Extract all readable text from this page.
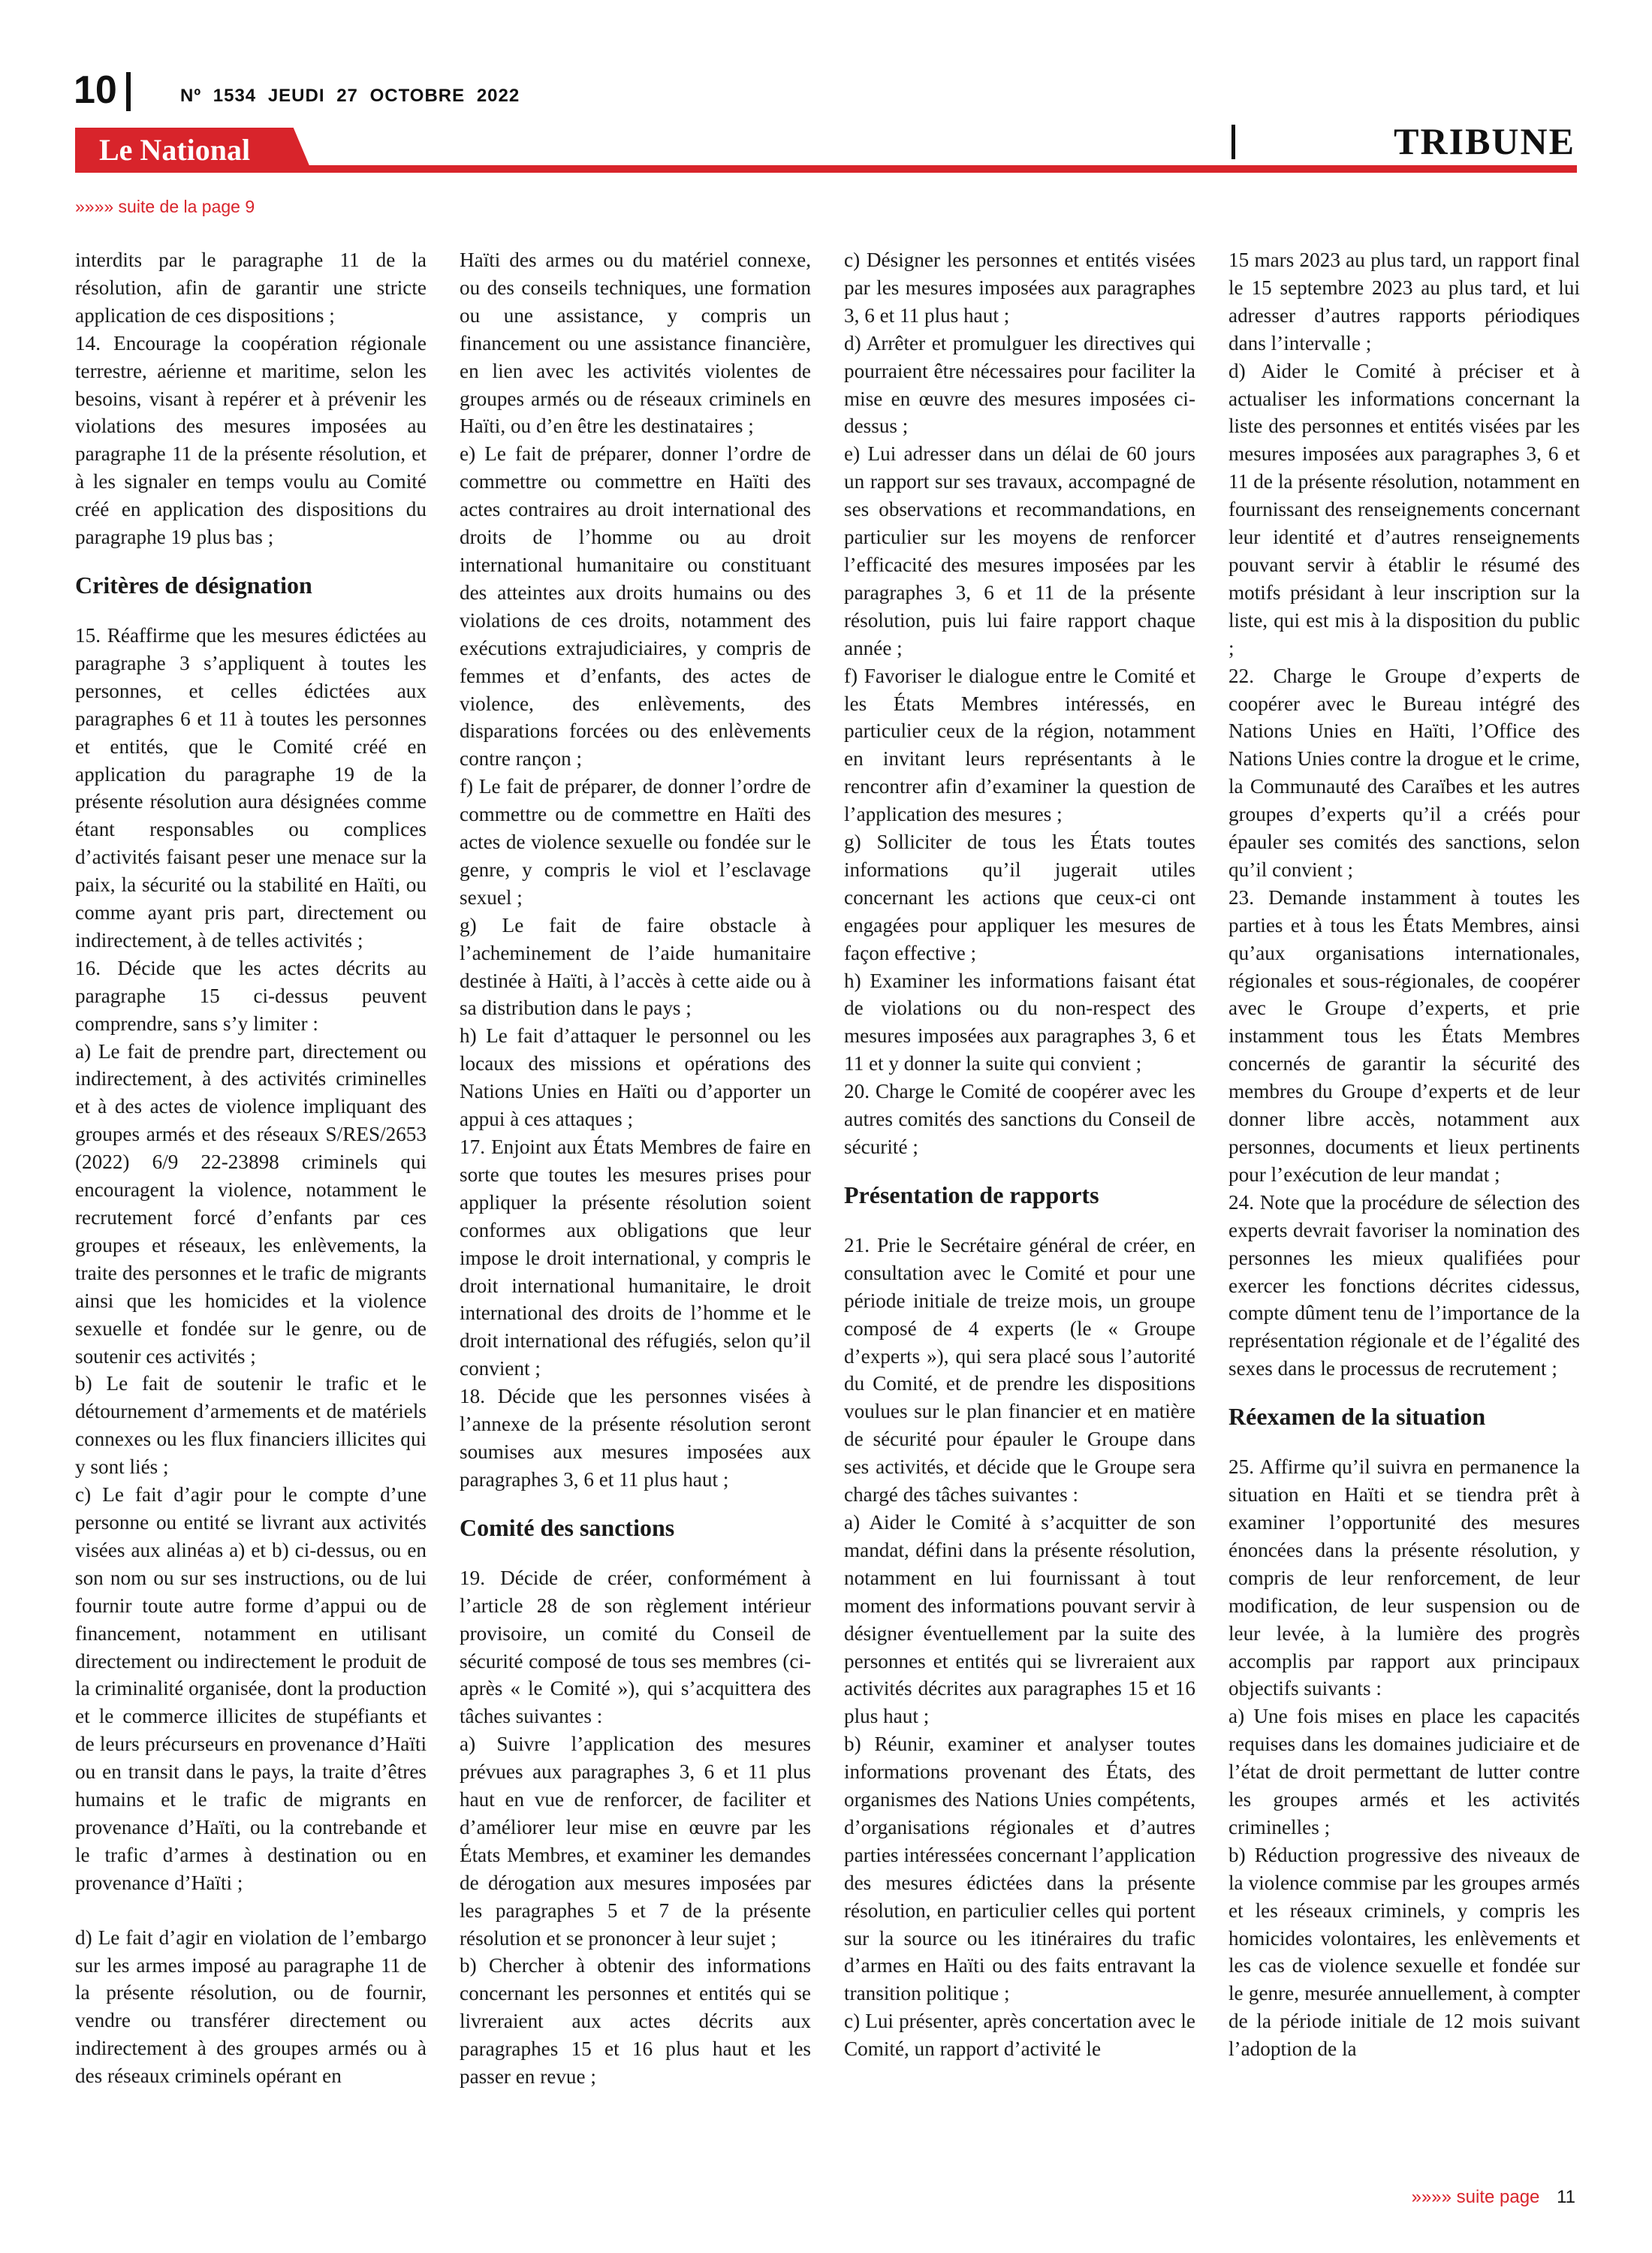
10	Nº 1534 JEUDI 27 OCTOBRE 2022
Le National	TRIBUNE
»»»» suite de la page 9

interdits par le paragraphe 11 de la résolution, afin de garantir une stricte application de ces dispositions ;

14. Encourage la coopération régionale terrestre, aérienne et maritime, selon les besoins, visant à repérer et à prévenir les violations des mesures imposées au paragraphe 11 de la présente résolution, et à les signaler en temps voulu au Comité créé en application des dispositions du paragraphe 19 plus bas ;

Critères de désignation

15. Réaffirme que les mesures édictées au paragraphe 3 s’appliquent à toutes les personnes, et celles édictées aux paragraphes 6 et 11 à toutes les personnes et entités, que le Comité créé en application du paragraphe 19 de la présente résolution aura désignées comme étant responsables ou complices d’activités faisant peser une menace sur la paix, la sécurité ou la stabilité en Haïti, ou comme ayant pris part, directement ou indirectement, à de telles activités ;

16. Décide que les actes décrits au paragraphe 15 ci-dessus peuvent comprendre, sans s’y limiter :

a) Le fait de prendre part, directement ou indirectement, à des activités criminelles et à des actes de violence impliquant des groupes armés et des réseaux S/RES/2653 (2022) 6/9 22-23898 criminels qui encouragent la violence, notamment le recrutement forcé d’enfants par ces groupes et réseaux, les enlèvements, la traite des personnes et le trafic de migrants ainsi que les homicides et la violence sexuelle et fondée sur le genre, ou de soutenir ces activités ;

b) Le fait de soutenir le trafic et le détournement d’armements et de matériels connexes ou les flux financiers illicites qui y sont liés ;

c) Le fait d’agir pour le compte d’une personne ou entité se livrant aux activités visées aux alinéas a) et b) ci-dessus, ou en son nom ou sur ses instructions, ou de lui fournir toute autre forme d’appui ou de financement, notamment en utilisant directement ou indirectement le produit de la criminalité organisée, dont la production et le commerce illicites de stupéfiants et de leurs précurseurs en provenance d’Haïti ou en transit dans le pays, la traite d’êtres humains et le trafic de migrants en provenance d’Haïti, ou la contrebande et le trafic d’armes à destination ou en provenance d’Haïti ;

d) Le fait d’agir en violation de l’embargo sur les armes imposé au paragraphe 11 de la présente résolution, ou de fournir, vendre ou transférer directement ou indirectement à des groupes armés ou à des réseaux criminels opérant en

Haïti des armes ou du matériel connexe, ou des conseils techniques, une formation ou une assistance, y compris un financement ou une assistance financière, en lien avec les activités violentes de groupes armés ou de réseaux criminels en Haïti, ou d’en être les destinataires ;

e) Le fait de préparer, donner l’ordre de commettre ou commettre en Haïti des actes contraires au droit international des droits de l’homme ou au droit international humanitaire ou constituant des atteintes aux droits humains ou des violations de ces droits, notamment des exécutions extrajudiciaires, y compris de femmes et d’enfants, des actes de violence, des enlèvements, des disparations forcées ou des enlèvements contre rançon ;

f) Le fait de préparer, de donner l’ordre de commettre ou de commettre en Haïti des actes de violence sexuelle ou fondée sur le genre, y compris le viol et l’esclavage sexuel ;

g) Le fait de faire obstacle à l’acheminement de l’aide humanitaire destinée à Haïti, à l’accès à cette aide ou à sa distribution dans le pays ;

h) Le fait d’attaquer le personnel ou les locaux des missions et opérations des Nations Unies en Haïti ou d’apporter un appui à ces attaques ;

17. Enjoint aux États Membres de faire en sorte que toutes les mesures prises pour appliquer la présente résolution soient conformes aux obligations que leur impose le droit international, y compris le droit international humanitaire, le droit international des droits de l’homme et le droit international des réfugiés, selon qu’il convient ;

18. Décide que les personnes visées à l’annexe de la présente résolution seront soumises aux mesures imposées aux paragraphes 3, 6 et 11 plus haut ;

Comité des sanctions

19. Décide de créer, conformément à l’article 28 de son règlement intérieur provisoire, un comité du Conseil de sécurité composé de tous ses membres (ci-après « le Comité »), qui s’acquittera des tâches suivantes :

a) Suivre l’application des mesures prévues aux paragraphes 3, 6 et 11 plus haut en vue de renforcer, de faciliter et d’améliorer leur mise en œuvre par les États Membres, et examiner les demandes de dérogation aux mesures imposées par les paragraphes 5 et 7 de la présente résolution et se prononcer à leur sujet ;

b) Chercher à obtenir des informations concernant les personnes et entités qui se livreraient aux actes décrits aux paragraphes 15 et 16 plus haut et les passer en revue ;

c) Désigner les personnes et entités visées par les mesures imposées aux paragraphes 3, 6 et 11 plus haut ;

d) Arrêter et promulguer les directives qui pourraient être nécessaires pour faciliter la mise en œuvre des mesures imposées ci-dessus ;

e) Lui adresser dans un délai de 60 jours un rapport sur ses travaux, accompagné de ses observations et recommandations, en particulier sur les moyens de renforcer l’efficacité des mesures imposées par les paragraphes 3, 6 et 11 de la présente résolution, puis lui faire rapport chaque année ;

f) Favoriser le dialogue entre le Comité et les États Membres intéressés, en particulier ceux de la région, notamment en invitant leurs représentants à le rencontrer afin d’examiner la question de l’application des mesures ;

g) Solliciter de tous les États toutes informations qu’il jugerait utiles concernant les actions que ceux-ci ont engagées pour appliquer les mesures de façon effective ;

h) Examiner les informations faisant état de violations ou du non-respect des mesures imposées aux paragraphes 3, 6 et 11 et y donner la suite qui convient ;

20. Charge le Comité de coopérer avec les autres comités des sanctions du Conseil de sécurité ;

Présentation de rapports

21. Prie le Secrétaire général de créer, en consultation avec le Comité et pour une période initiale de treize mois, un groupe composé de 4 experts (le « Groupe d’experts »), qui sera placé sous l’autorité du Comité, et de prendre les dispositions voulues sur le plan financier et en matière de sécurité pour épauler le Groupe dans ses activités, et décide que le Groupe sera chargé des tâches suivantes :

a) Aider le Comité à s’acquitter de son mandat, défini dans la présente résolution, notamment en lui fournissant à tout moment des informations pouvant servir à désigner éventuellement par la suite des personnes et entités qui se livreraient aux activités décrites aux paragraphes 15 et 16 plus haut ;

b) Réunir, examiner et analyser toutes informations provenant des États, des organismes des Nations Unies compétents, d’organisations régionales et d’autres parties intéressées concernant l’application des mesures édictées dans la présente résolution, en particulier celles qui portent sur la source ou les itinéraires du trafic d’armes en Haïti ou des faits entravant la transition politique ;

c) Lui présenter, après concertation avec le Comité, un rapport d’activité le

15 mars 2023 au plus tard, un rapport final le 15 septembre 2023 au plus tard, et lui adresser d’autres rapports périodiques dans l’intervalle ;

d) Aider le Comité à préciser et à actualiser les informations concernant la liste des personnes et entités visées par les mesures imposées aux paragraphes 3, 6 et 11 de la présente résolution, notamment en fournissant des renseignements concernant leur identité et d’autres renseignements pouvant servir à établir le résumé des motifs présidant à leur inscription sur la liste, qui est mis à la disposition du public ;

22. Charge le Groupe d’experts de coopérer avec le Bureau intégré des Nations Unies en Haïti, l’Office des Nations Unies contre la drogue et le crime, la Communauté des Caraïbes et les autres groupes d’experts qu’il a créés pour épauler ses comités des sanctions, selon qu’il convient ;

23. Demande instamment à toutes les parties et à tous les États Membres, ainsi qu’aux organisations internationales, régionales et sous-régionales, de coopérer avec le Groupe d’experts, et prie instamment tous les États Membres concernés de garantir la sécurité des membres du Groupe d’experts et de leur donner libre accès, notamment aux personnes, documents et lieux pertinents pour l’exécution de leur mandat ;

24. Note que la procédure de sélection des experts devrait favoriser la nomination des personnes les mieux qualifiées pour exercer les fonctions décrites cidessus, compte dûment tenu de l’importance de la représentation régionale et de l’égalité des sexes dans le processus de recrutement ;

Réexamen de la situation

25. Affirme qu’il suivra en permanence la situation en Haïti et se tiendra prêt à examiner l’opportunité des mesures énoncées dans la présente résolution, y compris de leur renforcement, de leur modification, de leur suspension ou de leur levée, à la lumière des progrès accomplis par rapport aux principaux objectifs suivants :

a) Une fois mises en place les capacités requises dans les domaines judiciaire et de l’état de droit permettant de lutter contre les groupes armés et les activités criminelles ;

b) Réduction progressive des niveaux de la violence commise par les groupes armés et les réseaux criminels, y compris les homicides volontaires, les enlèvements et les cas de violence sexuelle et fondée sur le genre, mesurée annuellement, à compter de la période initiale de 12 mois suivant l’adoption de la

»»»» suite page 11
